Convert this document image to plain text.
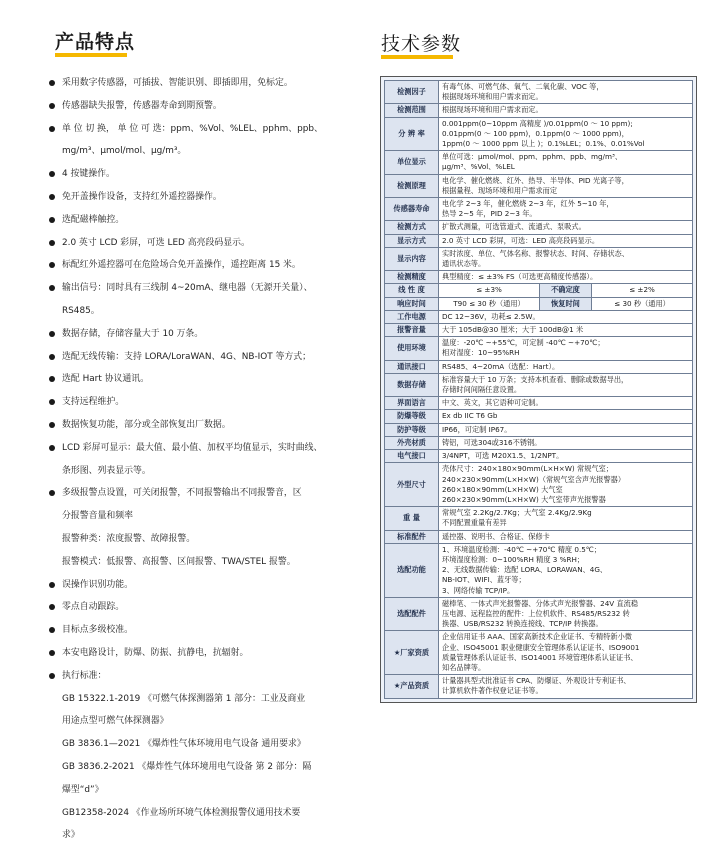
产品特点	技术参数
采用数字传感器，可插拔、智能识别、即插即用，免标定。
传感器缺失报警，传感器寿命到期预警。
单 位 切 换， 单 位 可 选：ppm、%Vol、%LEL、pphm、ppb、
mg/m³、μmol/mol、μg/m³。
4 按键操作。
免开盖操作设备，支持红外遥控器操作。
选配磁棒触控。
2.0 英寸 LCD 彩屏，可选 LED 高亮段码显示。
标配红外遥控器可在危险场合免开盖操作，遥控距离 15 米。
输出信号：同时具有三线制 4~20mA、继电器（无源开关量）、
RS485。
数据存储，存储容量大于 10 万条。
选配无线传输：支持 LORA/LoraWAN、4G、NB-IOT 等方式；
选配 Hart 协议通讯。
支持远程维护。
数据恢复功能，部分或全部恢复出厂数据。
LCD 彩屏可显示：最大值、最小值、加权平均值显示，实时曲线、
条形图、列表显示等。
多级报警点设置，可关闭报警，不同报警输出不同报警音，区
分报警音量和频率
报警种类：浓度报警、故障报警。
报警模式：低报警、高报警、区间报警、TWA/STEL 报警。
误操作识别功能。
零点自动跟踪。
目标点多级校准。
本安电路设计，防爆、防振、抗静电，抗辐射。
执行标准：
GB 15322.1-2019 《可燃气体探测器第 1 部分：工业及商业
用途点型可燃气体探测器》
GB 3836.1—2021 《爆炸性气体环境用电气设备 通用要求》
GB 3836.2-2021 《爆炸性气体环境用电气设备 第 2 部分：隔
爆型“d”》
GB12358-2024 《作业场所环境气体检测报警仪通用技术要
求》
检测因子	有毒气体、可燃气体、氧气、二氧化碳、VOC 等，
根据现场环境和用户需求而定。		

检测范围	根据现场环境和用户需求而定。		

分 辨 率	0.001ppm(0~10ppm 高精度 )/0.01ppm(0 ～ 10 ppm);
0.01ppm(0 ～ 100 ppm)，0.1ppm(0 ～ 1000 ppm)，
1ppm(0 ～ 1000 ppm 以上 )；0.1%LEL；0.1%、0.01%Vol		

单位显示	单位可选：μmol/mol、ppm、pphm、ppb、mg/m³、
μg/m³、%Vol、%LEL		

检测原理	电化学、催化燃烧、红外、热导、半导体、PID 光离子等，
根据量程、现场环境和用户需求而定		

传感器寿命	电化学 2~3 年，催化燃烧 2~3 年，红外 5~10 年，
热导 2~5 年，PID 2~3 年。		

检测方式	扩散式测量，可选管道式、流通式、泵吸式。		

显示方式	2.0 英寸 LCD 彩屏，可选：LED 高亮段码显示。		

显示内容	实时浓度、单位、气体名称、报警状态、时间、存储状态、
通讯状态等。		

检测精度	典型精度：≤ ±3% FS（可选更高精度传感器）。		

线 性 度	≤ ±3%	不确定度	≤ ±2%
响应时间	T90 ≤ 30 秒（通用）	恢复时间	≤ 30 秒（通用）
工作电源	DC 12~36V，功耗≤ 2.5W。		

报警音量	大于 105dB@30 厘米；大于 100dB@1 米		

使用环境	温度：-20℃ ~+55℃，可定制 -40℃ ~+70℃；
相对湿度：10~95%RH		

通讯接口	RS485、4~20mA（选配：Hart）。		

数据存储	标准容量大于 10 万条；支持本机查看、删除或数据导出，
存储时间间隔任意设置。		

界面语言	中文、英文，其它语种可定制。		

防爆等级	Ex db IIC T6 Gb		

防护等级	IP66，可定制 IP67。		

外壳材质	铸铝，可选304或316不锈钢。		

电气接口	3/4NPT，可选 M20X1.5、1/2NPT。		

外型尺寸	壳体尺寸：240×180×90mm(L×H×W) 常规气室；
240×230×90mm(L×H×W)（常规气室含声光报警器）
260×180×90mm(L×H×W) 大气室
260×230×90mm(L×H×W) 大气室带声光报警器		

重 量	常规气室 2.2Kg/2.7Kg；大气室 2.4Kg/2.9Kg
不同配置重量有差异		

标准配件	遥控器、说明书、合格证、保修卡		

选配功能	1、环境温度检测：-40℃ ~+70℃ 精度 0.5℃；
环境湿度检测：0~100%RH 精度 3 %RH；
2、无线数据传输：选配 LORA、LORAWAN、4G、
NB-IOT、WIFI、蓝牙等；
3、网络传输 TCP/IP。		

选配配件	磁棒笔、一体式声光报警器、分体式声光报警器、24V 直流稳
压电源、远程监控的配件：上位机软件、RS485/RS232 转
换器、USB/RS232 转换连接线、TCP/IP 转换器。		

★厂家资质	企业信用证书 AAA、国家高新技术企业证书、专精特新小微
企业、ISO45001 职业健康安全管理体系认证证书、ISO9001
质量管理体系认证证书、ISO14001 环境管理体系认证证书、
知名品牌等。		

★产品资质	计量器具型式批准证书 CPA、防爆证、外观设计专利证书、
计算机软件著作权登记证书等。		
